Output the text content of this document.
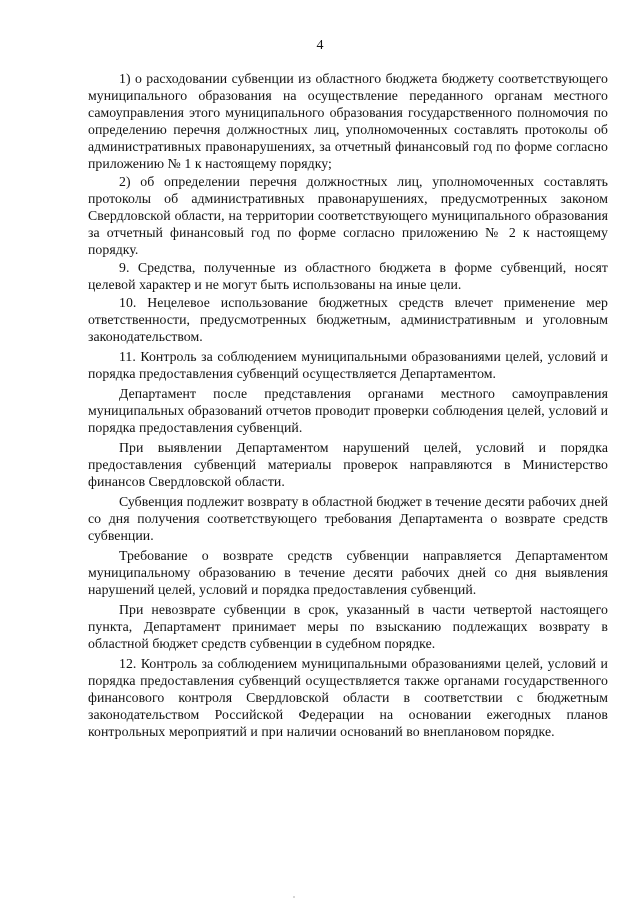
4

1) о расходовании субвенции из областного бюджета бюджету соответствующего муниципального образования на осуществление переданного органам местного самоуправления этого муниципального образования государственного полномочия по определению перечня должностных лиц, уполномоченных составлять протоколы об административных правонарушениях, за отчетный финансовый год по форме согласно приложению № 1 к настоящему порядку;

2) об определении перечня должностных лиц, уполномоченных составлять протоколы об административных правонарушениях, предусмотренных законом Свердловской области, на территории соответствующего муниципального образования за отчетный финансовый год по форме согласно приложению № 2 к настоящему порядку.

9. Средства, полученные из областного бюджета в форме субвенций, носят целевой характер и не могут быть использованы на иные цели.

10. Нецелевое использование бюджетных средств влечет применение мер ответственности, предусмотренных бюджетным, административным и уголовным законодательством.

11. Контроль за соблюдением муниципальными образованиями целей, условий и порядка предоставления субвенций осуществляется Департаментом.

Департамент после представления органами местного самоуправления муниципальных образований отчетов проводит проверки соблюдения целей, условий и порядка предоставления субвенций.

При выявлении Департаментом нарушений целей, условий и порядка предоставления субвенций материалы проверок направляются в Министерство финансов Свердловской области.

Субвенция подлежит возврату в областной бюджет в течение десяти рабочих дней со дня получения соответствующего требования Департамента о возврате средств субвенции.

Требование о возврате средств субвенции направляется Департаментом муниципальному образованию в течение десяти рабочих дней со дня выявления нарушений целей, условий и порядка предоставления субвенций.

При невозврате субвенции в срок, указанный в части четвертой настоящего пункта, Департамент принимает меры по взысканию подлежащих возврату в областной бюджет средств субвенции в судебном порядке.

12. Контроль за соблюдением муниципальными образованиями целей, условий и порядка предоставления субвенций осуществляется также органами государственного финансового контроля Свердловской области в соответствии с бюджетным законодательством Российской Федерации на основании ежегодных планов контрольных мероприятий и при наличии оснований во внеплановом порядке.
